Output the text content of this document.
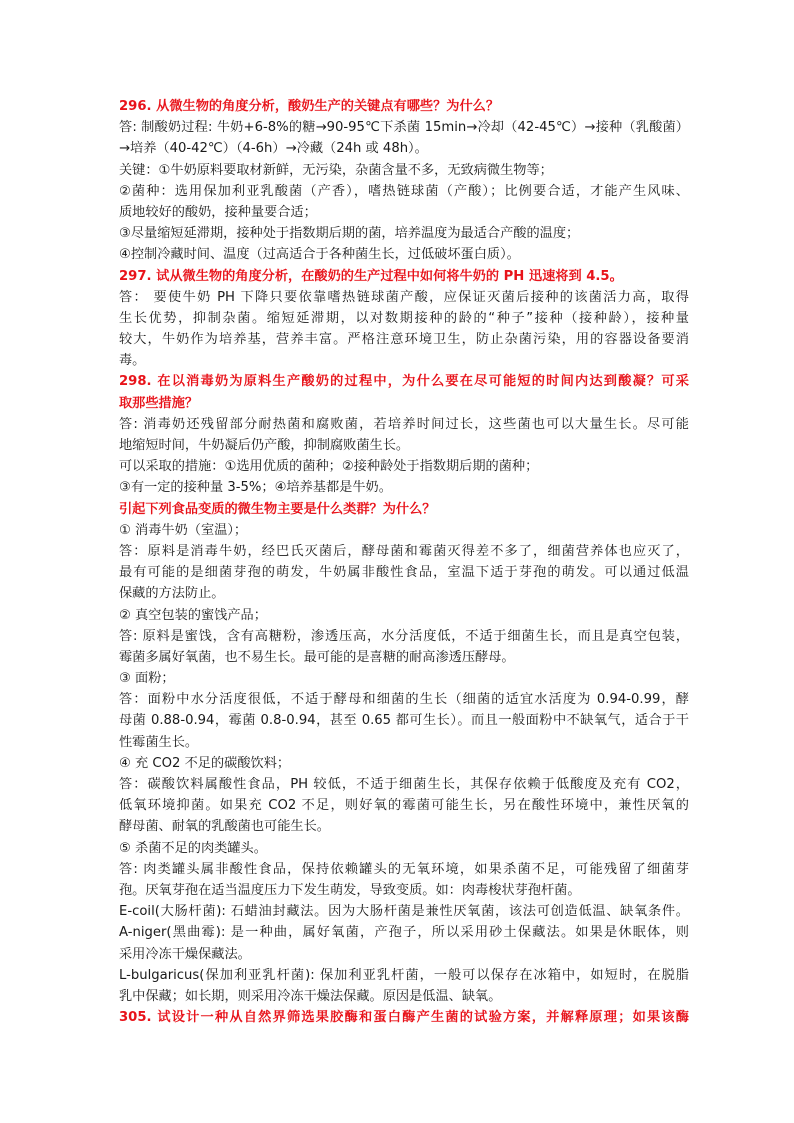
296. 从微生物的角度分析，酸奶生产的关键点有哪些？为什么？
答: 制酸奶过程: 牛奶+6-8%的糖→90-95℃下杀菌 15min→冷却（42-45℃）→接种（乳酸菌）
→培养（40-42℃）（4-6h）→冷藏（24h 或 48h）。
关键：①牛奶原料要取材新鲜，无污染，杂菌含量不多，无致病微生物等；
②菌种：选用保加利亚乳酸菌（产香），嗜热链球菌（产酸）；比例要合适，才能产生风味、
质地较好的酸奶，接种量要合适；
③尽量缩短延滞期，接种处于指数期后期的菌，培养温度为最适合产酸的温度；
④控制冷藏时间、温度（过高适合于各种菌生长，过低破坏蛋白质）。
297. 试从微生物的角度分析，在酸奶的生产过程中如何将牛奶的 PH 迅速将到 4.5。
答： 要使牛奶 PH 下降只要依靠嗜热链球菌产酸，应保证灭菌后接种的该菌活力高，取得
生长优势，抑制杂菌。缩短延滞期，以对数期接种的龄的“种子”接种（接种龄），接种量
较大，牛奶作为培养基，营养丰富。严格注意环境卫生，防止杂菌污染，用的容器设备要消
毒。
298. 在以消毒奶为原料生产酸奶的过程中，为什么要在尽可能短的时间内达到酸凝？可采
取那些措施？
答: 消毒奶还残留部分耐热菌和腐败菌，若培养时间过长，这些菌也可以大量生长。尽可能
地缩短时间，牛奶凝后仍产酸，抑制腐败菌生长。
可以采取的措施：①选用优质的菌种；②接种龄处于指数期后期的菌种；
③有一定的接种量 3-5%；④培养基都是牛奶。
引起下列食品变质的微生物主要是什么类群？为什么？
① 消毒牛奶（室温）；
答：原料是消毒牛奶，经巴氏灭菌后，酵母菌和霉菌灭得差不多了，细菌营养体也应灭了，
最有可能的是细菌芽孢的萌发，牛奶属非酸性食品，室温下适于芽孢的萌发。可以通过低温
保藏的方法防止。
② 真空包装的蜜饯产品；
答: 原料是蜜饯，含有高糖粉，渗透压高，水分活度低，不适于细菌生长，而且是真空包装，
霉菌多属好氧菌，也不易生长。最可能的是喜糖的耐高渗透压酵母。
③ 面粉；
答：面粉中水分活度很低，不适于酵母和细菌的生长（细菌的适宜水活度为 0.94-0.99，酵
母菌 0.88-0.94，霉菌 0.8-0.94，甚至 0.65 都可生长）。而且一般面粉中不缺氧气，适合于干
性霉菌生长。
④ 充 CO2 不足的碳酸饮料；
答：碳酸饮料属酸性食品，PH 较低，不适于细菌生长，其保存依赖于低酸度及充有 CO2，
低氧环境抑菌。如果充 CO2 不足，则好氧的霉菌可能生长，另在酸性环境中，兼性厌氧的
酵母菌、耐氧的乳酸菌也可能生长。
⑤ 杀菌不足的肉类罐头。
答: 肉类罐头属非酸性食品，保持依赖罐头的无氧环境，如果杀菌不足，可能残留了细菌芽
孢。厌氧芽孢在适当温度压力下发生萌发，导致变质。如：肉毒梭状芽孢杆菌。
E-coil(大肠杆菌): 石蜡油封藏法。因为大肠杆菌是兼性厌氧菌，该法可创造低温、缺氧条件。
A-niger(黑曲霉): 是一种曲，属好氧菌，产孢子，所以采用砂土保藏法。如果是休眠体，则
采用冷冻干燥保藏法。
L-bulgaricus(保加利亚乳杆菌): 保加利亚乳杆菌，一般可以保存在冰箱中，如短时，在脱脂
乳中保藏；如长期，则采用冷冻干燥法保藏。原因是低温、缺氧。
305. 试设计一种从自然界筛选果胶酶和蛋白酶产生菌的试验方案，并解释原理；如果该酶
